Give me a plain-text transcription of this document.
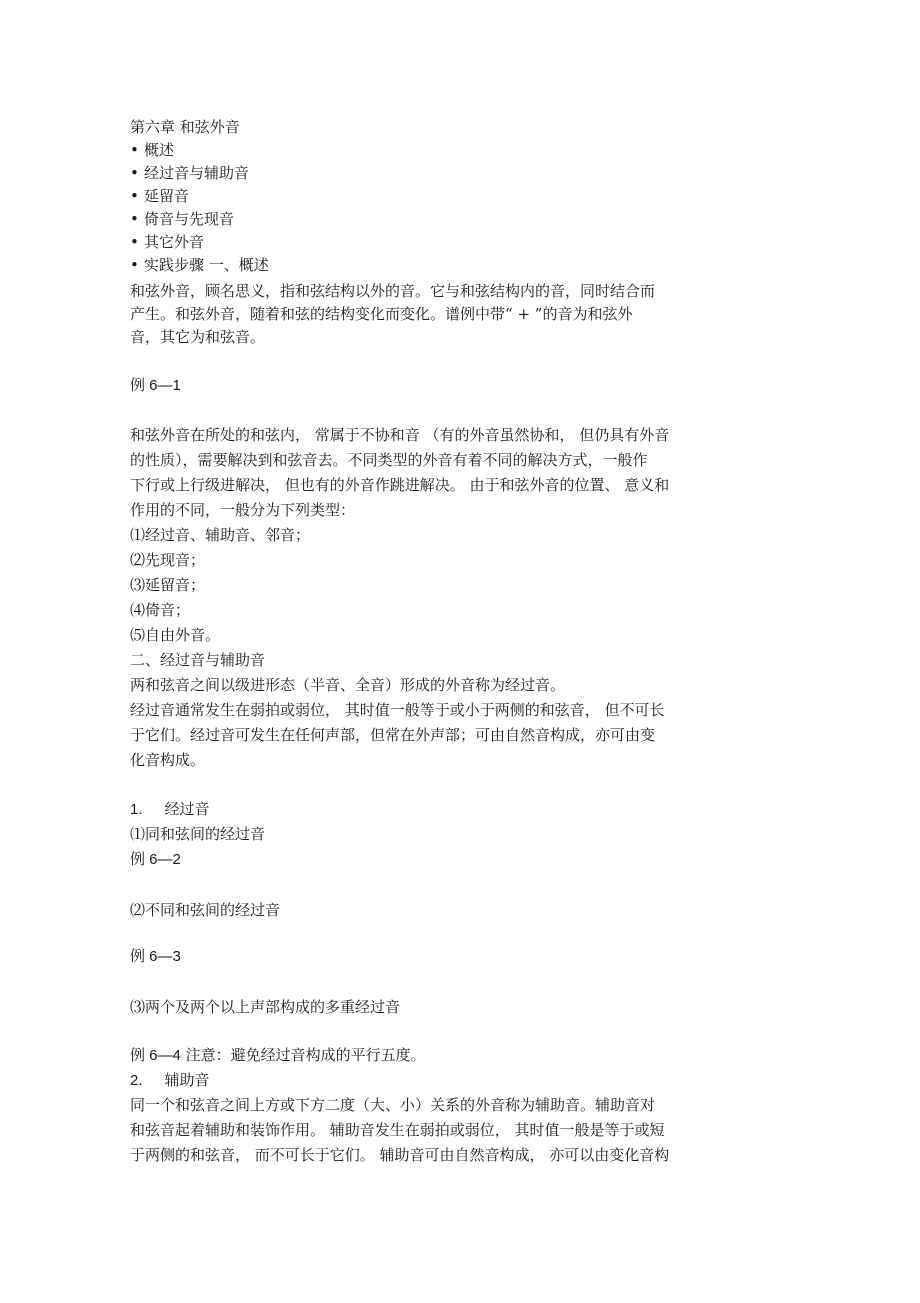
第六章 和弦外音
• 概述
• 经过音与辅助音
• 延留音
• 倚音与先现音
• 其它外音
• 实践步骤 一、概述
和弦外音，顾名思义，指和弦结构以外的音。它与和弦结构内的音，同时结合而
产生。和弦外音，随着和弦的结构变化而变化。谱例中带“ + ”的音为和弦外
音，其它为和弦音。
例 6—1
和弦外音在所处的和弦内， 常属于不协和音 （有的外音虽然协和， 但仍具有外音
的性质），需要解决到和弦音去。不同类型的外音有着不同的解决方式，一般作
下行或上行级进解决， 但也有的外音作跳进解决。 由于和弦外音的位置、 意义和
作用的不同，一般分为下列类型：
⑴经过音、辅助音、邻音；
⑵先现音；
⑶延留音；
⑷倚音；
⑸自由外音。
二、经过音与辅助音
两和弦音之间以级进形态（半音、全音）形成的外音称为经过音。
经过音通常发生在弱拍或弱位， 其时值一般等于或小于两侧的和弦音， 但不可长
于它们。经过音可发生在任何声部，但常在外声部；可由自然音构成，亦可由变
化音构成。
1. 经过音
⑴同和弦间的经过音
例 6—2
⑵不同和弦间的经过音
例 6—3
⑶两个及两个以上声部构成的多重经过音
例 6—4 注意：避免经过音构成的平行五度。
2. 辅助音
同一个和弦音之间上方或下方二度（大、小）关系的外音称为辅助音。辅助音对
和弦音起着辅助和装饰作用。 辅助音发生在弱拍或弱位， 其时值一般是等于或短
于两侧的和弦音， 而不可长于它们。 辅助音可由自然音构成， 亦可以由变化音构
